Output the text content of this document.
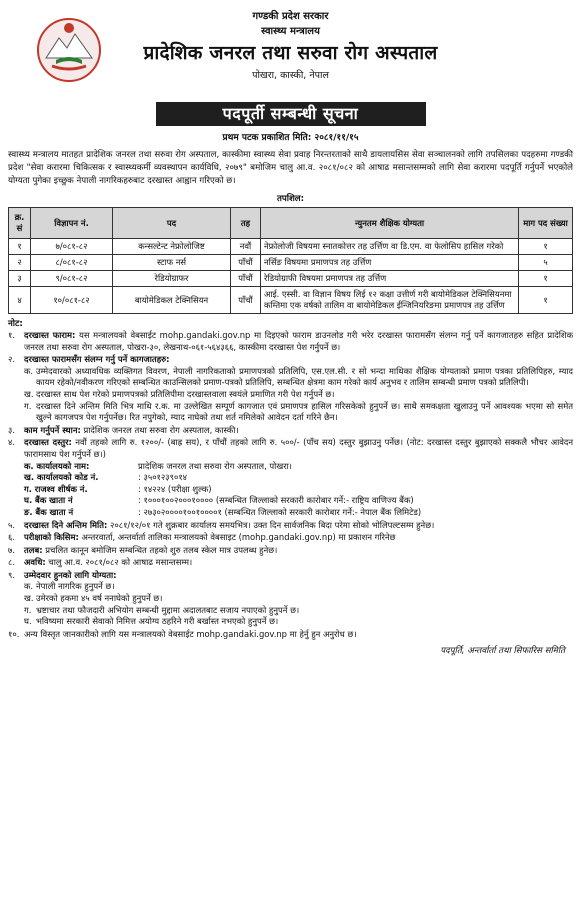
गण्डकी प्रदेश सरकार
स्वास्थ्य मन्त्रालय
प्रादेशिक जनरल तथा सरुवा रोग अस्पताल
पोखरा, कास्की, नेपाल
पदपूर्ती सम्बन्धी सूचना
प्रथम पटक प्रकाशित मिति: २०८१/११/१५
स्वास्थ्य मन्त्रालय मातहत प्रादेशिक जनरल तथा सरुवा रोग अस्पताल, कास्कीमा स्वास्थ्य सेवा प्रवाह निरन्तरताको साथै डायलायसिस सेवा सञ्चालनको लागि तपसिलका पदहरुमा गण्डकी प्रदेश "सेवा करारमा चिकित्सक र स्वास्थ्यकर्मी व्यवस्थापन कार्यविधि, २०७९" बमोजिम चालु आ.व. २०८१/०८२ को आषाढ मसान्तसम्मको लागि सेवा करारमा पदपूर्ति गर्नुपर्ने भएकोले योग्यता पुगेका इच्छुक नेपाली नागरिकहरुबाट दरखास्त आह्वान गरिएको छ।
तपशिल:
क्र. सं	विज्ञापन नं.	पद	तह	न्युनतम शैक्षिक योग्यता	माग पद संख्या
१	७/०८१-८२	कन्सल्टेन्ट नेफ्रोलोजिष्ट	नवौं	नेफ्रोलोजी विषयमा स्नातकोत्तर तह उर्त्तिण वा डि.एम. वा फेलोसिप हासिल गरेको	१
२	८/०८१-८२	स्टाफ नर्स	पाँचौं	नर्सिङ विषयमा प्रमाणपत्र तह उर्त्तिण	५
३	९/०८१-८२	रेडियोग्राफर	पाँचौं	रेडियोग्राफी विषयमा प्रमाणपत्र तह उर्त्तिण	१
४	१०/०८१-८२	बायोमेडिकल टेक्निसियन	पाँचौं	आई. एस्सी. वा विज्ञान विषय लिई १२ कक्षा उत्तीर्ण गरी बायोमेडिकल टेक्निसियनमा कम्तिमा एक वर्षको तालिम वा बायोमेडिकल ईन्जिनियरिङमा प्रमाणपत्र तह उर्त्तिण	१
नोट:
१.	दरखास्त फाराम: यस मन्त्रालयको वेबसाईट mohp.gandaki.gov.np मा दिइएको फाराम डाउनलोड गरी भरेर दरखास्त फारामसँग संलग्न गर्नु पर्ने कागजातहरु सहित प्रादेशिक जनरल तथा सरुवा रोग अस्पताल, पोखरा-३०, लेखनाथ-०६१-५६४३६६, कास्कीमा दरखास्त पेश गर्नुपर्ने छ।
२.	दरखास्त फारामसँग संलग्न गर्नु पर्ने कागजातहरु:
क. उम्मेदवारको अध्यावधिक व्यक्तिगत विवरण, नेपाली नागरिकताको प्रमाणपत्रको प्रतिलिपि, एस.एल.सी. र सो भन्दा माथिका शैक्षिक योग्यताको प्रमाण पत्रका प्रतिलिपिहरु, म्याद कायम रहेको/नवीकरण गरिएको सम्बन्धित काउन्सिलको प्रमाण-पत्रको प्रतिलिपि, सम्बन्धित क्षेत्रमा काम गरेको कार्य अनुभव र तालिम सम्बन्धी प्रमाण पत्रको प्रतिलिपी।
ख. दरखास्त साथ पेश गरेको प्रमाणपत्रको प्रतिलिपीमा दरखास्तवाला स्वयंले प्रमाणित गरी पेश गर्नुपर्ने छ।
ग. दरखास्त दिने अन्तिम मिति भित्र माथि र.क. मा उल्लेखित सम्पूर्ण कागजात एवं प्रमाणपत्र हासिल गरिसकेको हुनुपर्ने छ। साथै समकक्षता खुलाउनु पर्ने आवश्यक भएमा सो समेत खुल्ने कागजपत्र पेश गर्नुपर्नेछ। रित नपुगेको, म्याद नाघेको तथा शर्त नमिलेको आवेदन दर्ता गरिने छैन।
३.	काम गर्नुपर्ने स्थान: प्रादेशिक जनरल तथा सरुवा रोग अस्पताल, कास्की।
४.	दरखास्त दस्तुर: नवौं तहको लागि रु. १२००/- (बाह्र सय), र पाँचौं तहको लागि रु. ५००/- (पाँच सय) दस्तुर बुझाउनु पर्नेछ। (नोट: दरखास्त दस्तुर बुझाएको सक्कलै भौचर आवेदन फारामसाथ पेश गर्नुपर्ने छ।)
क. कार्यालयको नाम:	प्रादेशिक जनरल तथा सरुवा रोग अस्पताल, पोखरा।
ख. कार्यालयको कोड नं.	: ३५०१२३९०१४
ग. राजश्व शीर्षक नं.	: १४२२४ (परीक्षा शुल्क)
घ. बैंक खाता नं	: १०००१००२०००१०००० (सम्बन्धित जिल्लाको सरकारी कारोबार गर्ने:- राष्ट्रिय वाणिज्य बैंक)
ङ. बैंक खाता नं	: २७३०२००००१००१००००१ (सम्बन्धित जिल्लाको सरकारी कारोबार गर्ने:- नेपाल बैंक लिमिटेड)
५.	दरखास्त दिने अन्तिम मिति: २०८१/१२/०१ गते शुक्रबार कार्यालय समयभित्र। उक्त दिन सार्वजनिक बिदा परेमा सोको भोलिपल्टसम्म हुनेछ।
६.	परीक्षाको किसिम: अन्तरवार्ता, अन्तर्वार्ता तालिका मन्त्रालयको वेबसाइट (mohp.gandaki.gov.np) मा प्रकाशन गरिनेछ
७.	तलब: प्रचलित कानून बमोजिम सम्बन्धित तहको शुरु तलब स्केल मात्र उपलब्ध हुनेछ।
८.	अवधि: चालु आ.व. २०८१/०८२ को आषाढ मसान्तसम्म।
९.	उम्मेदवार हुनको लागि योग्यता:
क. नेपाली नागरिक हुनुपर्ने छ।
ख. उमेरको हकमा ४५ वर्ष ननाघेको हुनुपर्ने छ।
ग. भ्रष्टाचार तथा फौजदारी अभियोग सम्बन्धी मुद्दामा अदालतबाट सजाय नपाएको हुनुपर्ने छ।
घ. भविष्यमा सरकारी सेवाको निमित्त अयोग्य ठहरिने गरी बर्खास्त नभएको हुनुपर्ने छ।
१०. अन्य विस्तृत जानकारीको लागि यस मन्त्रालयको वेबसाईट mohp.gandaki.gov.np मा हेर्नु हुन अनुरोध छ।
पदपूर्ति, अन्तर्वार्ता तथा सिफारिस समिति
